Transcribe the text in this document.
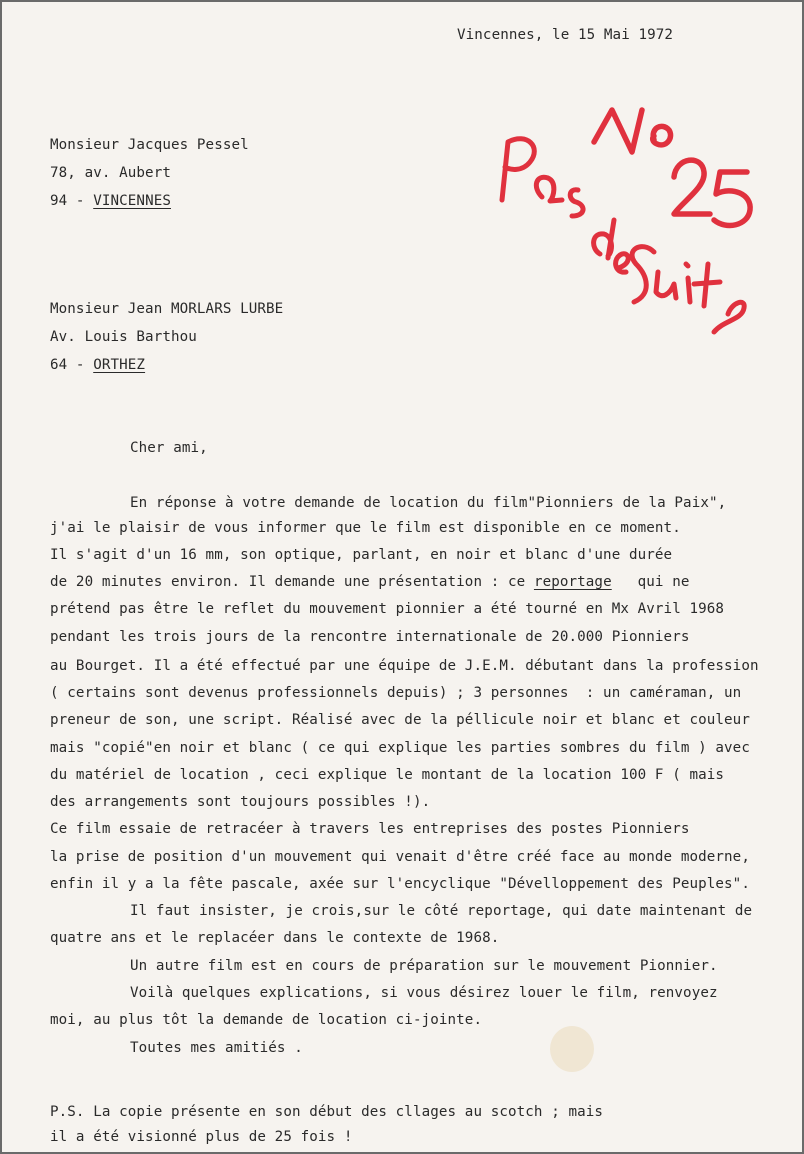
Vincennes, le 15 Mai 1972
Monsieur Jacques Pessel
78, av. Aubert
94 - VINCENNES
Monsieur Jean MORLARS LURBE
Av. Louis Barthou
64 - ORTHEZ
Cher ami,
En réponse à votre demande de location du film"Pionniers de la Paix",
j'ai le plaisir de vous informer que le film est disponible en ce moment.
Il s'agit d'un 16 mm, son optique, parlant, en noir et blanc d'une durée
de 20 minutes environ. Il demande une présentation : ce reportage   qui ne
prétend pas être le reflet du mouvement pionnier a été tourné en Mx Avril 1968
pendant les trois jours de la rencontre internationale de 20.000 Pionniers
au Bourget. Il a été effectué par une équipe de J.E.M. débutant dans la profession
( certains sont devenus professionnels depuis) ; 3 personnes  : un caméraman, un
preneur de son, une script. Réalisé avec de la péllicule noir et blanc et couleur
mais "copié"en noir et blanc ( ce qui explique les parties sombres du film ) avec
du matériel de location , ceci explique le montant de la location 100 F ( mais
des arrangements sont toujours possibles !).
Ce film essaie de retracéer à travers les entreprises des postes Pionniers
la prise de position d'un mouvement qui venait d'être créé face au monde moderne,
enfin il y a la fête pascale, axée sur l'encyclique "Dévelloppement des Peuples".
Il faut insister, je crois,sur le côté reportage, qui date maintenant de
quatre ans et le replacéer dans le contexte de 1968.
Un autre film est en cours de préparation sur le mouvement Pionnier.
Voilà quelques explications, si vous désirez louer le film, renvoyez
moi, au plus tôt la demande de location ci-jointe.
Toutes mes amitiés .
P.S. La copie présente en son début des cllages au scotch ; mais
il a été visionné plus de 25 fois !
